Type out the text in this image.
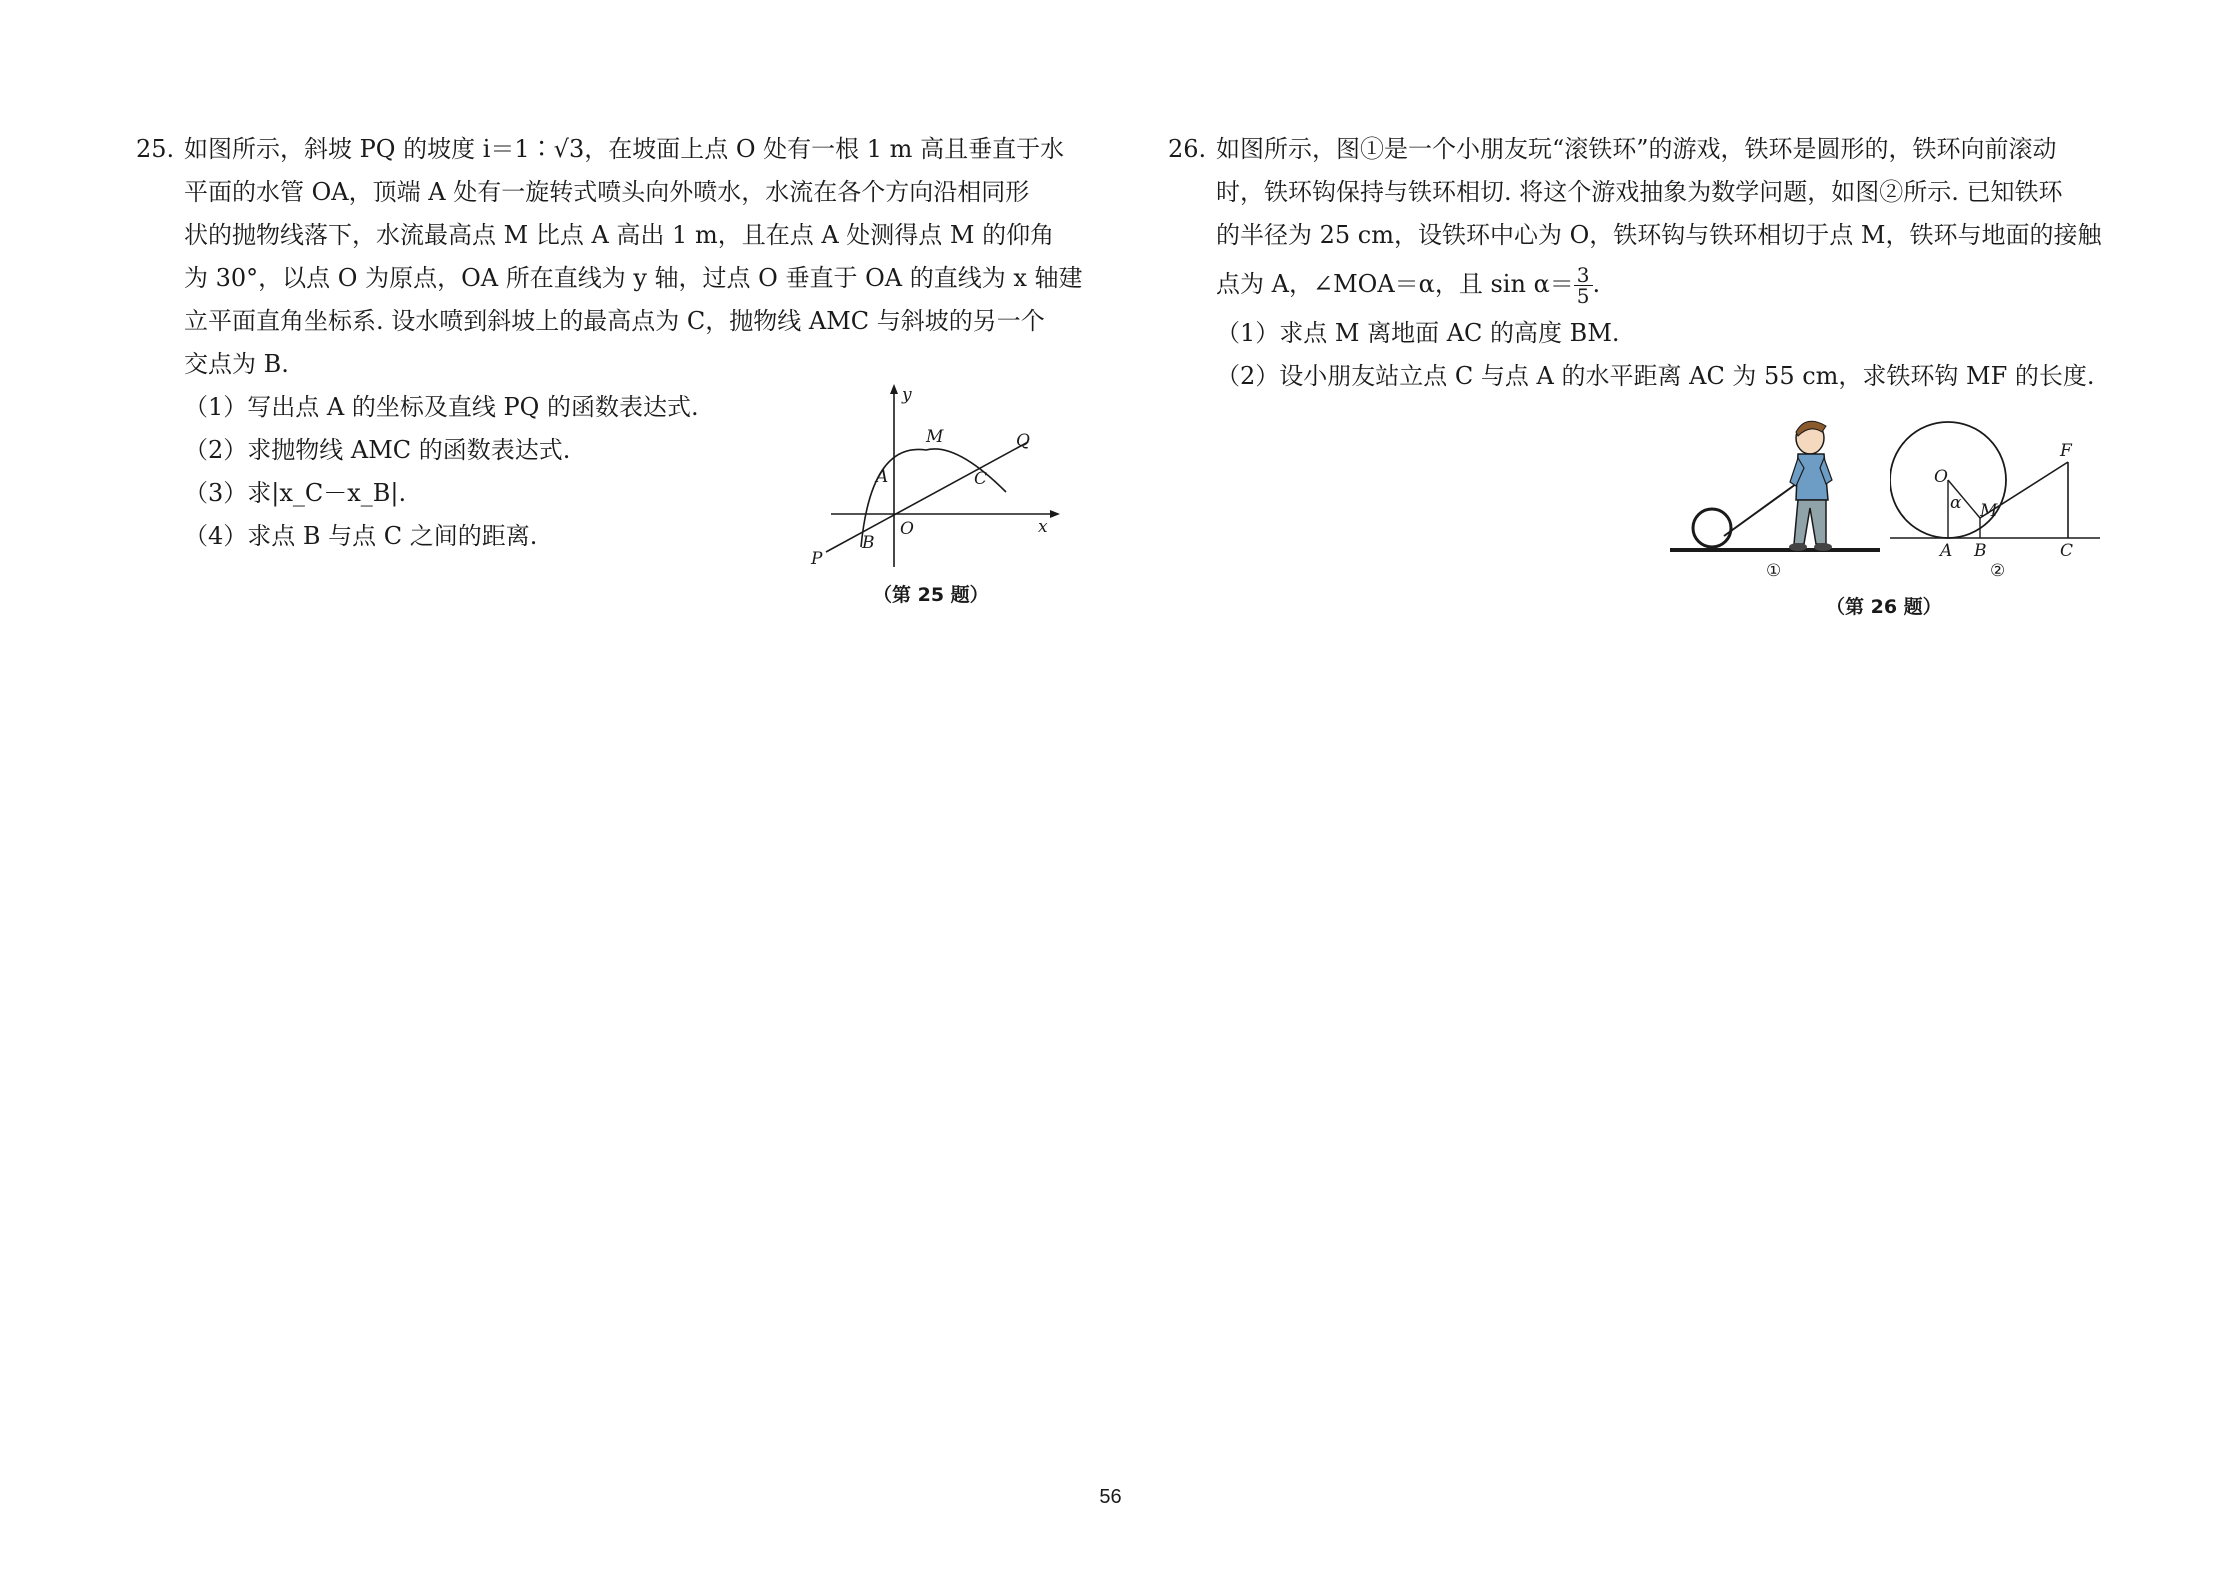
25. 如图所示，斜坡 PQ 的坡度 i＝1∶√3，在坡面上点 O 处有一根 1 m 高且垂直于水
平面的水管 OA，顶端 A 处有一旋转式喷头向外喷水，水流在各个方向沿相同形
状的抛物线落下，水流最高点 M 比点 A 高出 1 m，且在点 A 处测得点 M 的仰角
为 30°，以点 O 为原点，OA 所在直线为 y 轴，过点 O 垂直于 OA 的直线为 x 轴建
立平面直角坐标系. 设水喷到斜坡上的最高点为 C，抛物线 AMC 与斜坡的另一个
交点为 B.
（1）写出点 A 的坐标及直线 PQ 的函数表达式.
（2）求抛物线 AMC 的函数表达式.
（3）求|x_C－x_B|.
（4）求点 B 与点 C 之间的距离.
y
x
M	Q
A	C
P
B
O
（第 25 题）
26. 如图所示，图①是一个小朋友玩“滚铁环”的游戏，铁环是圆形的，铁环向前滚动
时，铁环钩保持与铁环相切. 将这个游戏抽象为数学问题，如图②所示. 已知铁环
的半径为 25 cm，设铁环中心为 O，铁环钩与铁环相切于点 M，铁环与地面的接触
点为 A，∠MOA＝α，且 $\sin \alpha= \frac{3}{5}$ .
（1）求点 M 离地面 AC 的高度 BM.
（2）设小朋友站立点 C 与点 A 的水平距离 AC 为 55 cm，求铁环钩 MF 的长度.
①
O
α M
F
A B	C
②
（第 26 题）
56
